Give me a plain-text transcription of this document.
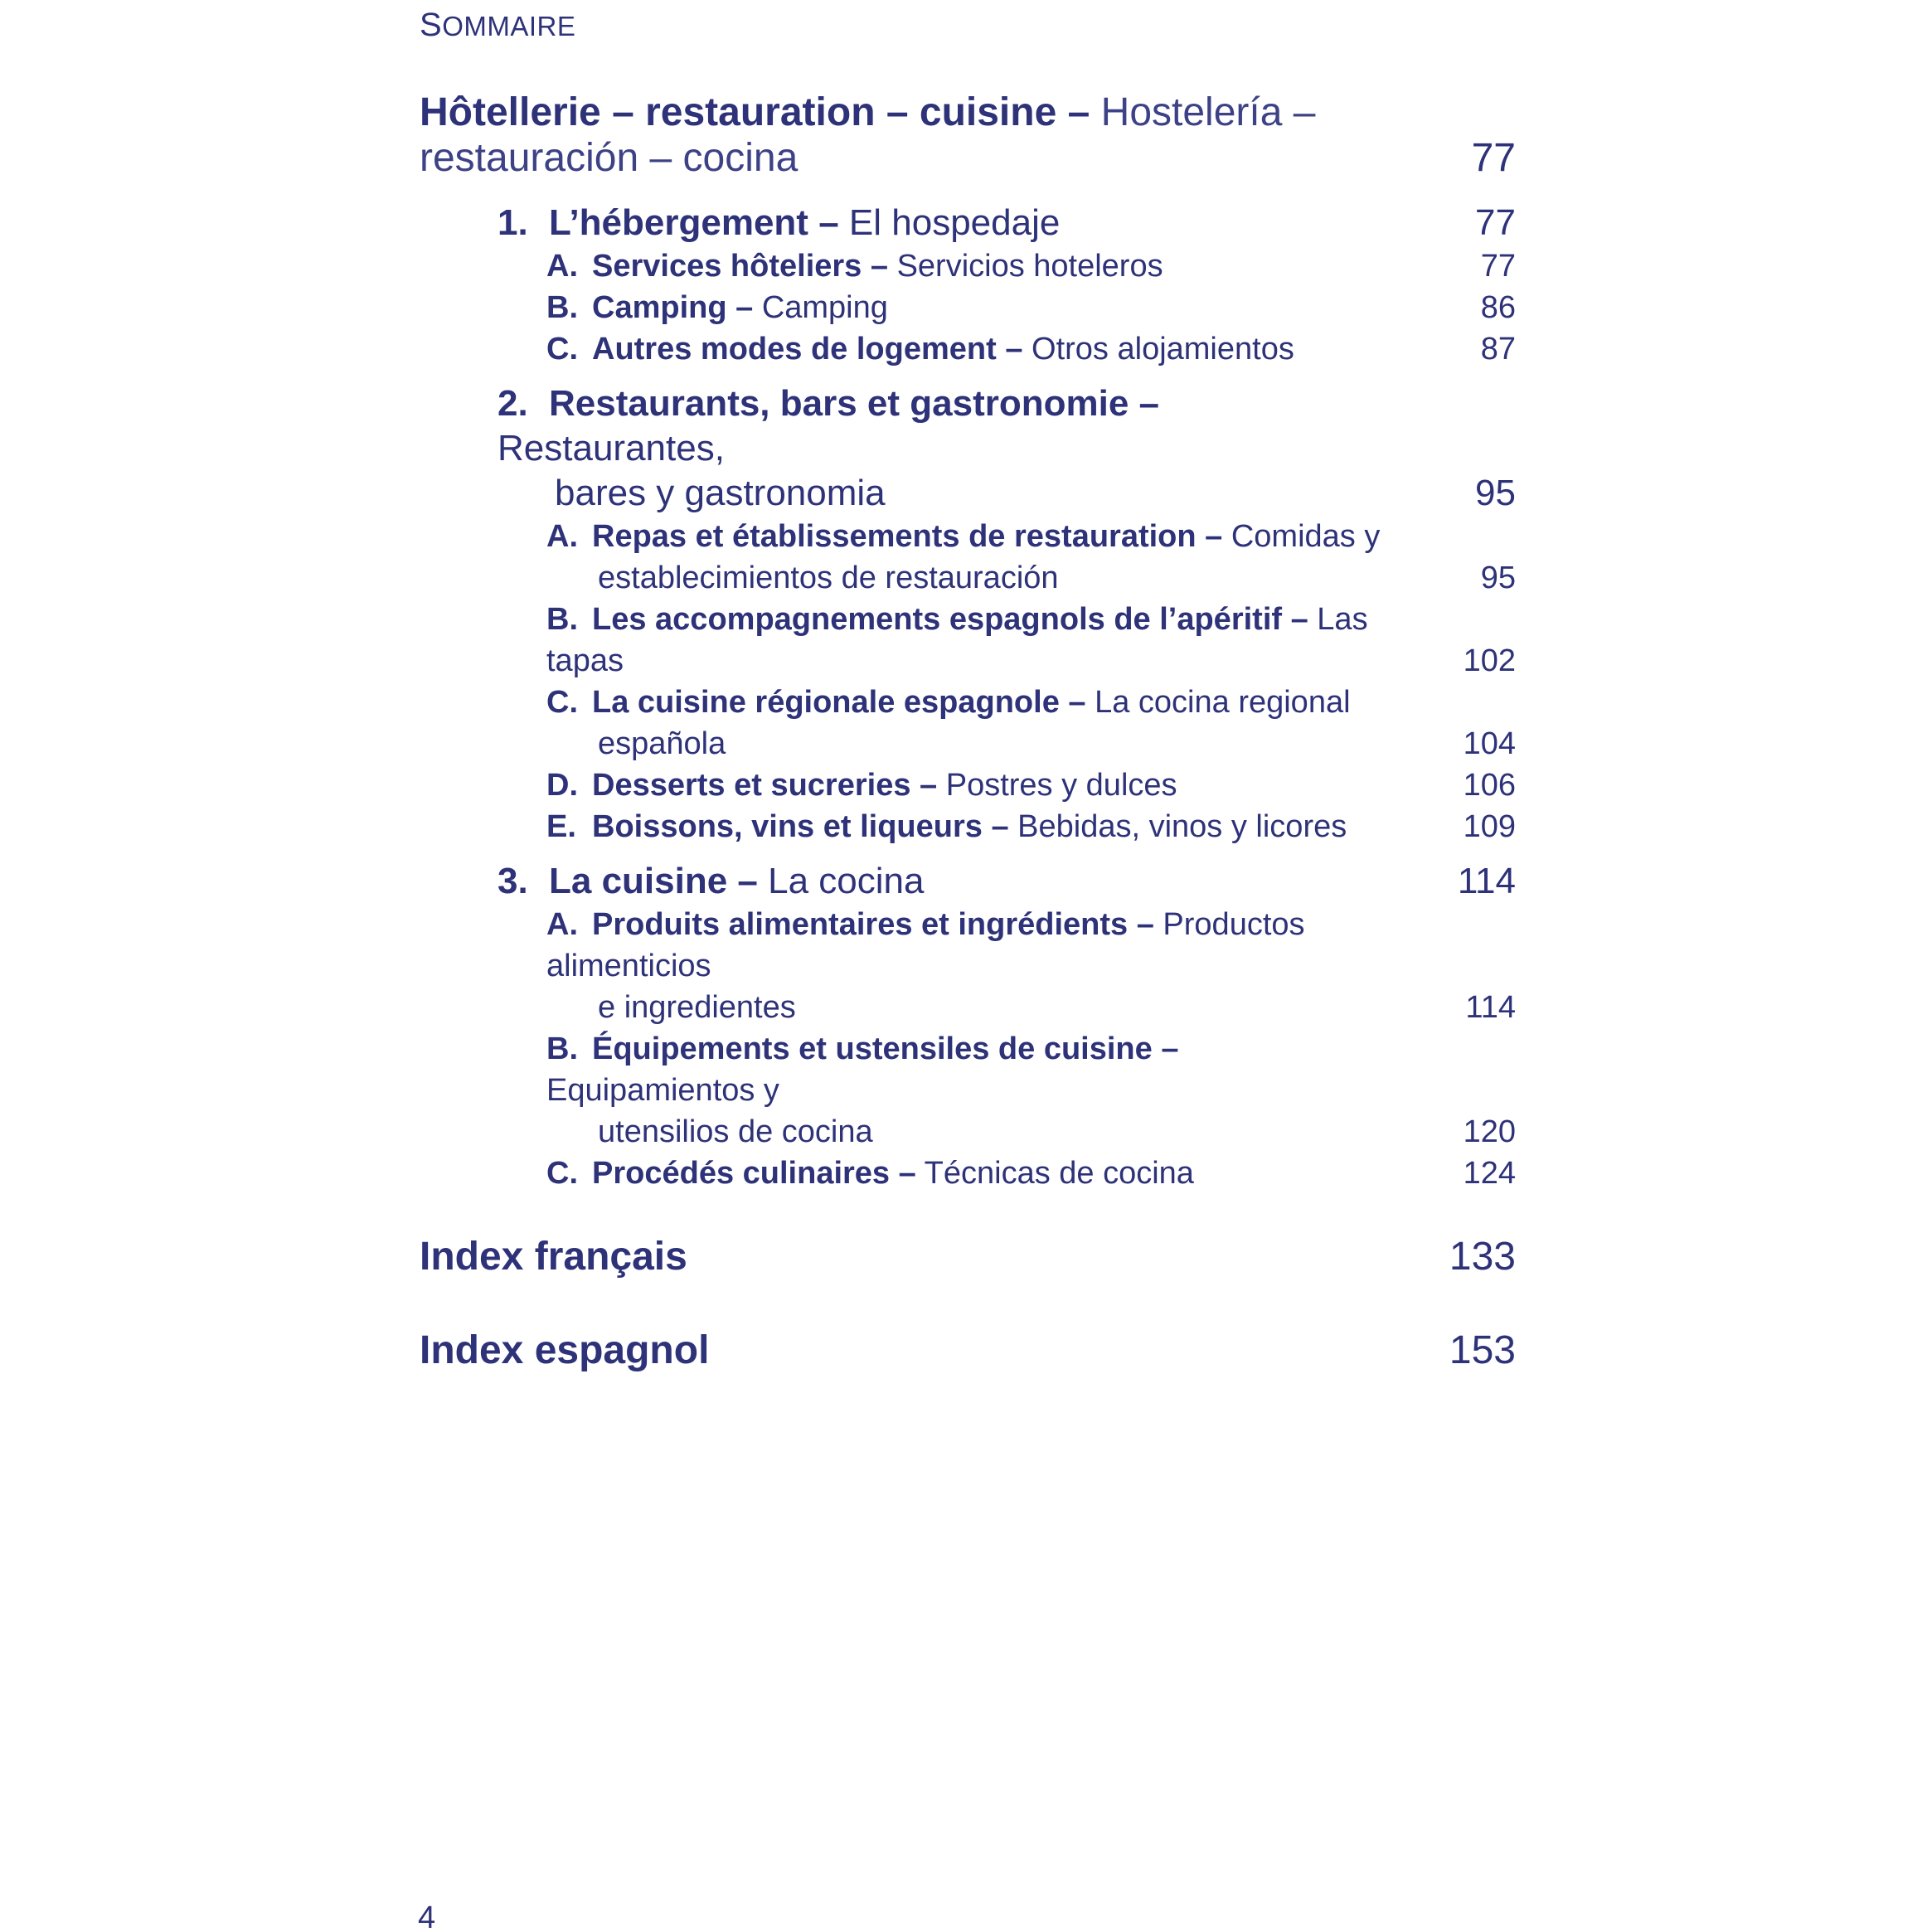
SOMMAIRE
Hôtellerie – restauration – cuisine – Hostelería –
restauración – cocina	77
1. L’hébergement – El hospedaje	77
A. Services hôteliers – Servicios hoteleros	77
B. Camping – Camping	86
C. Autres modes de logement – Otros alojamientos	87
2. Restaurants, bars et gastronomie – Restaurantes,
bares y gastronomia	95
A. Repas et établissements de restauration – Comidas y
establecimientos de restauración	95
B. Les accompagnements espagnols de l’apéritif – Las tapas	102
C. La cuisine régionale espagnole – La cocina regional
española	104
D. Desserts et sucreries – Postres y dulces	106
E. Boissons, vins et liqueurs – Bebidas, vinos y licores	109
3. La cuisine – La cocina	114
A. Produits alimentaires et ingrédients – Productos alimenticios
e ingredientes	114
B. Équipements et ustensiles de cuisine – Equipamientos y
utensilios de cocina	120
C. Procédés culinaires – Técnicas de cocina	124
Index français	133
Index espagnol	153
4
